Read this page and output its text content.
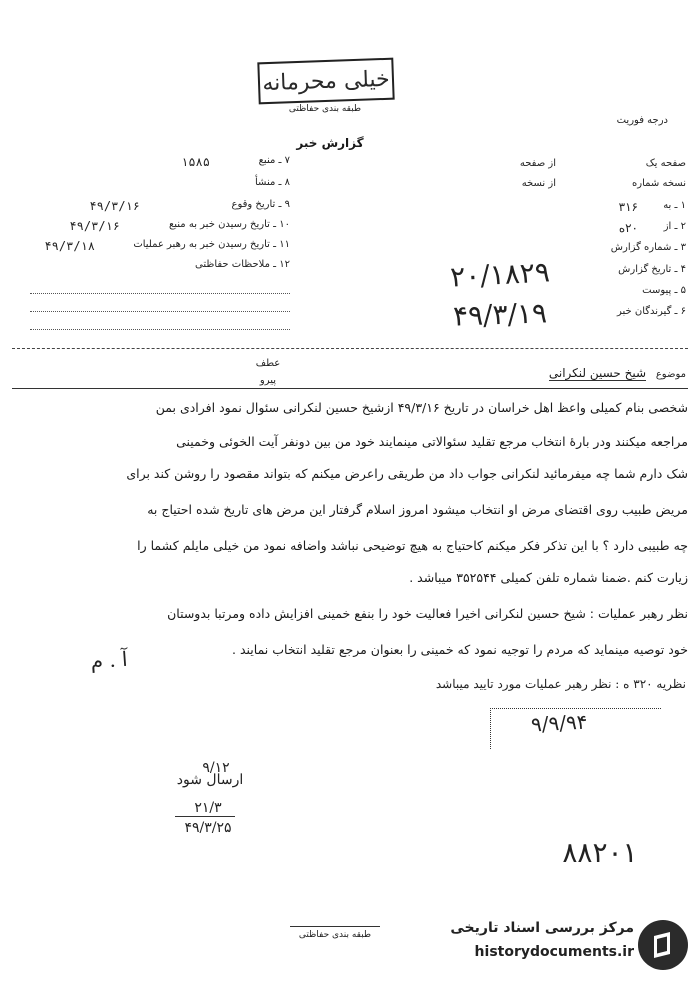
خیلی محرمانه
طبقه بندی حفاظتی
درجه فوریت
گزارش خبر
صفحه یک
از صفحه
نسخه شماره
از نسخه
۱ ـ به
۳۱۶
۲ ـ از
۲۰ه
۳ ـ شماره گزارش
۴ ـ تاریخ گزارش
۵ ـ پیوست
۶ ـ گیرندگان خبر
۲۰/۱۸۲۹
۴۹/۳/۱۹
۷ ـ منبع
۱۵۸۵
۸ ـ منشأ
۹ ـ تاریخ وقوع
۴۹/۳/۱۶
۱۰ ـ تاریخ رسیدن خبر به منبع
۴۹/۳/۱۶
۱۱ ـ تاریخ رسیدن خبر به رهبر عملیات
۴۹/۳/۱۸
۱۲ ـ ملاحظات حفاظتی
موضوع شیخ حسین لنکرانی
عطف
پیرو
شخصی بنام کمیلی واعظ اهل خراسان در تاریخ ۴۹/۳/۱۶ ازشیخ حسین لنکرانی سئوال نمود افرادی بمن
مراجعه میکنند ودر بارۀ انتخاب مرجع تقلید سئوالاتی مینمایند خود من بین دونفر آیت الخوئی وخمینی
شک دارم شما چه میفرمائید لنکرانی جواب داد من طریقی راعرض میکنم که بتواند مقصود را روشن کند برای
مریض طبیب روی اقتضای مرض او انتخاب میشود امروز اسلام گرفتار این مرض های تاریخ شده احتیاج به
چه طبیبی دارد ؟ با این تذکر فکر میکنم کاحتیاج به هیچ توضیحی نباشد واضافه نمود من خیلی مایلم کشما را
زیارت کنم .ضمنا شماره تلفن کمیلی ۳۵۲۵۴۴ میباشد .
نظر رهبر عملیات : شیخ حسین لنکرانی اخیرا فعالیت خود را بنفع خمینی افزایش داده ومرتبا بدوستان
خود توصیه مینماید که مردم را توجیه نمود که خمینی را بعنوان مرجع تقلید انتخاب نمایند .
آ . م
نظریه ۳۲۰ ه : نظر رهبر عملیات مورد تایید میباشد
۹/۹/۹۴
۹/۱۲
ارسال شود
۲۱/۳
۴۹/۳/۲۵
۸۸۲۰۱
طبقه بندی حفاظتی	مرکز بررسی اسناد تاریخی
historydocuments.ir
